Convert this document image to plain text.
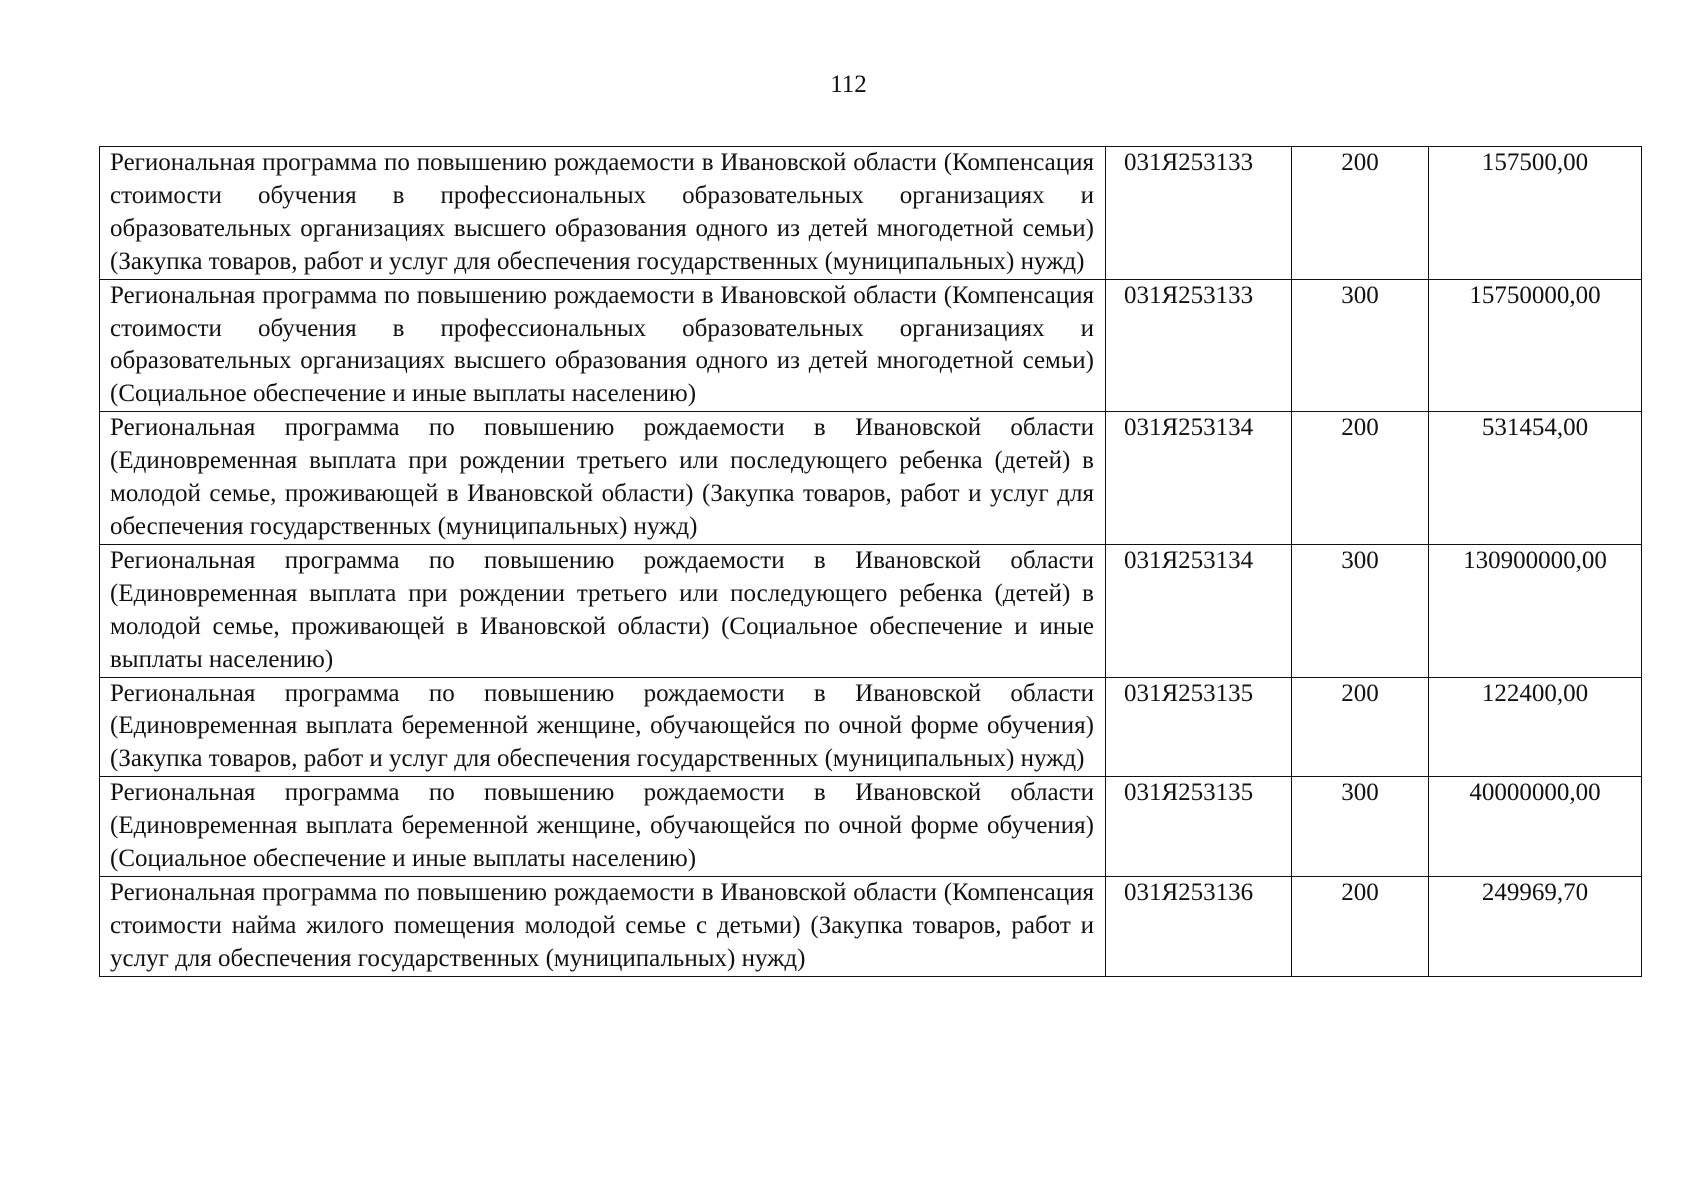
112
Региональная программа по повышению рождаемости в Ивановской области (Компенсация стоимости обучения в профессиональных образовательных организациях и образовательных организациях высшего образования одного из детей многодетной семьи) (Закупка товаров, работ и услуг для обеспечения государственных (муниципальных) нужд)	031Я253133	200	157500,00
Региональная программа по повышению рождаемости в Ивановской области (Компенсация стоимости обучения в профессиональных образовательных организациях и образовательных организациях высшего образования одного из детей многодетной семьи) (Социальное обеспечение и иные выплаты населению)	031Я253133	300	15750000,00
Региональная программа по повышению рождаемости в Ивановской области (Единовременная выплата при рождении третьего или последующего ребенка (детей) в молодой семье, проживающей в Ивановской области) (Закупка товаров, работ и услуг для обеспечения государственных (муниципальных) нужд)	031Я253134	200	531454,00
Региональная программа по повышению рождаемости в Ивановской области (Единовременная выплата при рождении третьего или последующего ребенка (детей) в молодой семье, проживающей в Ивановской области) (Социальное обеспечение и иные выплаты населению)	031Я253134	300	130900000,00
Региональная программа по повышению рождаемости в Ивановской области (Единовременная выплата беременной женщине, обучающейся по очной форме обучения) (Закупка товаров, работ и услуг для обеспечения государственных (муниципальных) нужд)	031Я253135	200	122400,00
Региональная программа по повышению рождаемости в Ивановской области (Единовременная выплата беременной женщине, обучающейся по очной форме обучения) (Социальное обеспечение и иные выплаты населению)	031Я253135	300	40000000,00
Региональная программа по повышению рождаемости в Ивановской области (Компенсация стоимости найма жилого помещения молодой семье с детьми) (Закупка товаров, работ и услуг для обеспечения государственных (муниципальных) нужд)	031Я253136	200	249969,70
